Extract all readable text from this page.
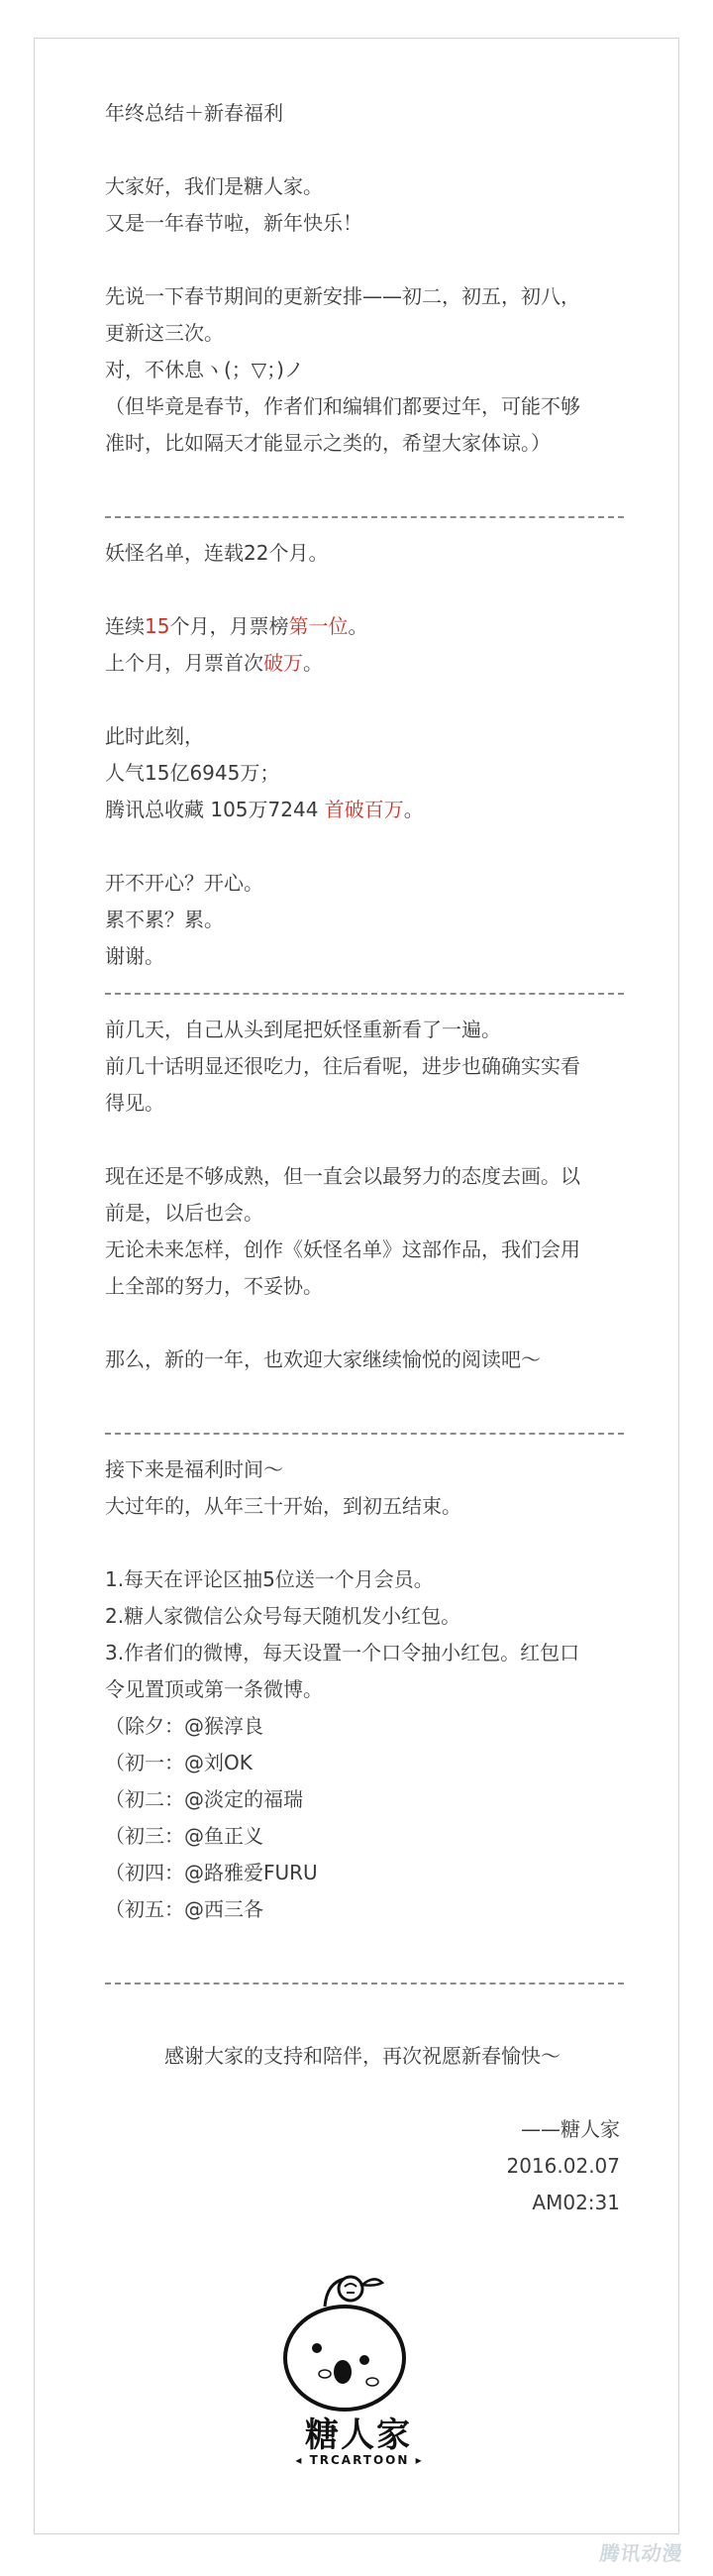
年终总结＋新春福利
大家好，我们是糖人家。
又是一年春节啦，新年快乐！
先说一下春节期间的更新安排——初二，初五，初八，
更新这三次。
对，不休息ヽ(；▽；)ノ
（但毕竟是春节，作者们和编辑们都要过年，可能不够
准时，比如隔天才能显示之类的，希望大家体谅。）
妖怪名单，连载22个月。
连续15个月，月票榜第一位。
上个月，月票首次破万。
此时此刻，
人气15亿6945万；
腾讯总收藏 105万7244 首破百万。
开不开心？开心。
累不累？累。
谢谢。
前几天，自己从头到尾把妖怪重新看了一遍。
前几十话明显还很吃力，往后看呢，进步也确确实实看
得见。
现在还是不够成熟，但一直会以最努力的态度去画。以
前是，以后也会。
无论未来怎样，创作《妖怪名单》这部作品，我们会用
上全部的努力，不妥协。
那么，新的一年，也欢迎大家继续愉悦的阅读吧～
接下来是福利时间～
大过年的，从年三十开始，到初五结束。
1.每天在评论区抽5位送一个月会员。
2.糖人家微信公众号每天随机发小红包。
3.作者们的微博，每天设置一个口令抽小红包。红包口
令见置顶或第一条微博。
（除夕：@猴淳良
（初一：@刘OK
（初二：@淡定的福瑞
（初三：@鱼正义
（初四：@路雅爱FURU
（初五：@西三各
感谢大家的支持和陪伴，再次祝愿新春愉快～
——糖人家
2016.02.07
AM02:31
糖人家
◂ TRCARTOON ▸
腾讯动漫
